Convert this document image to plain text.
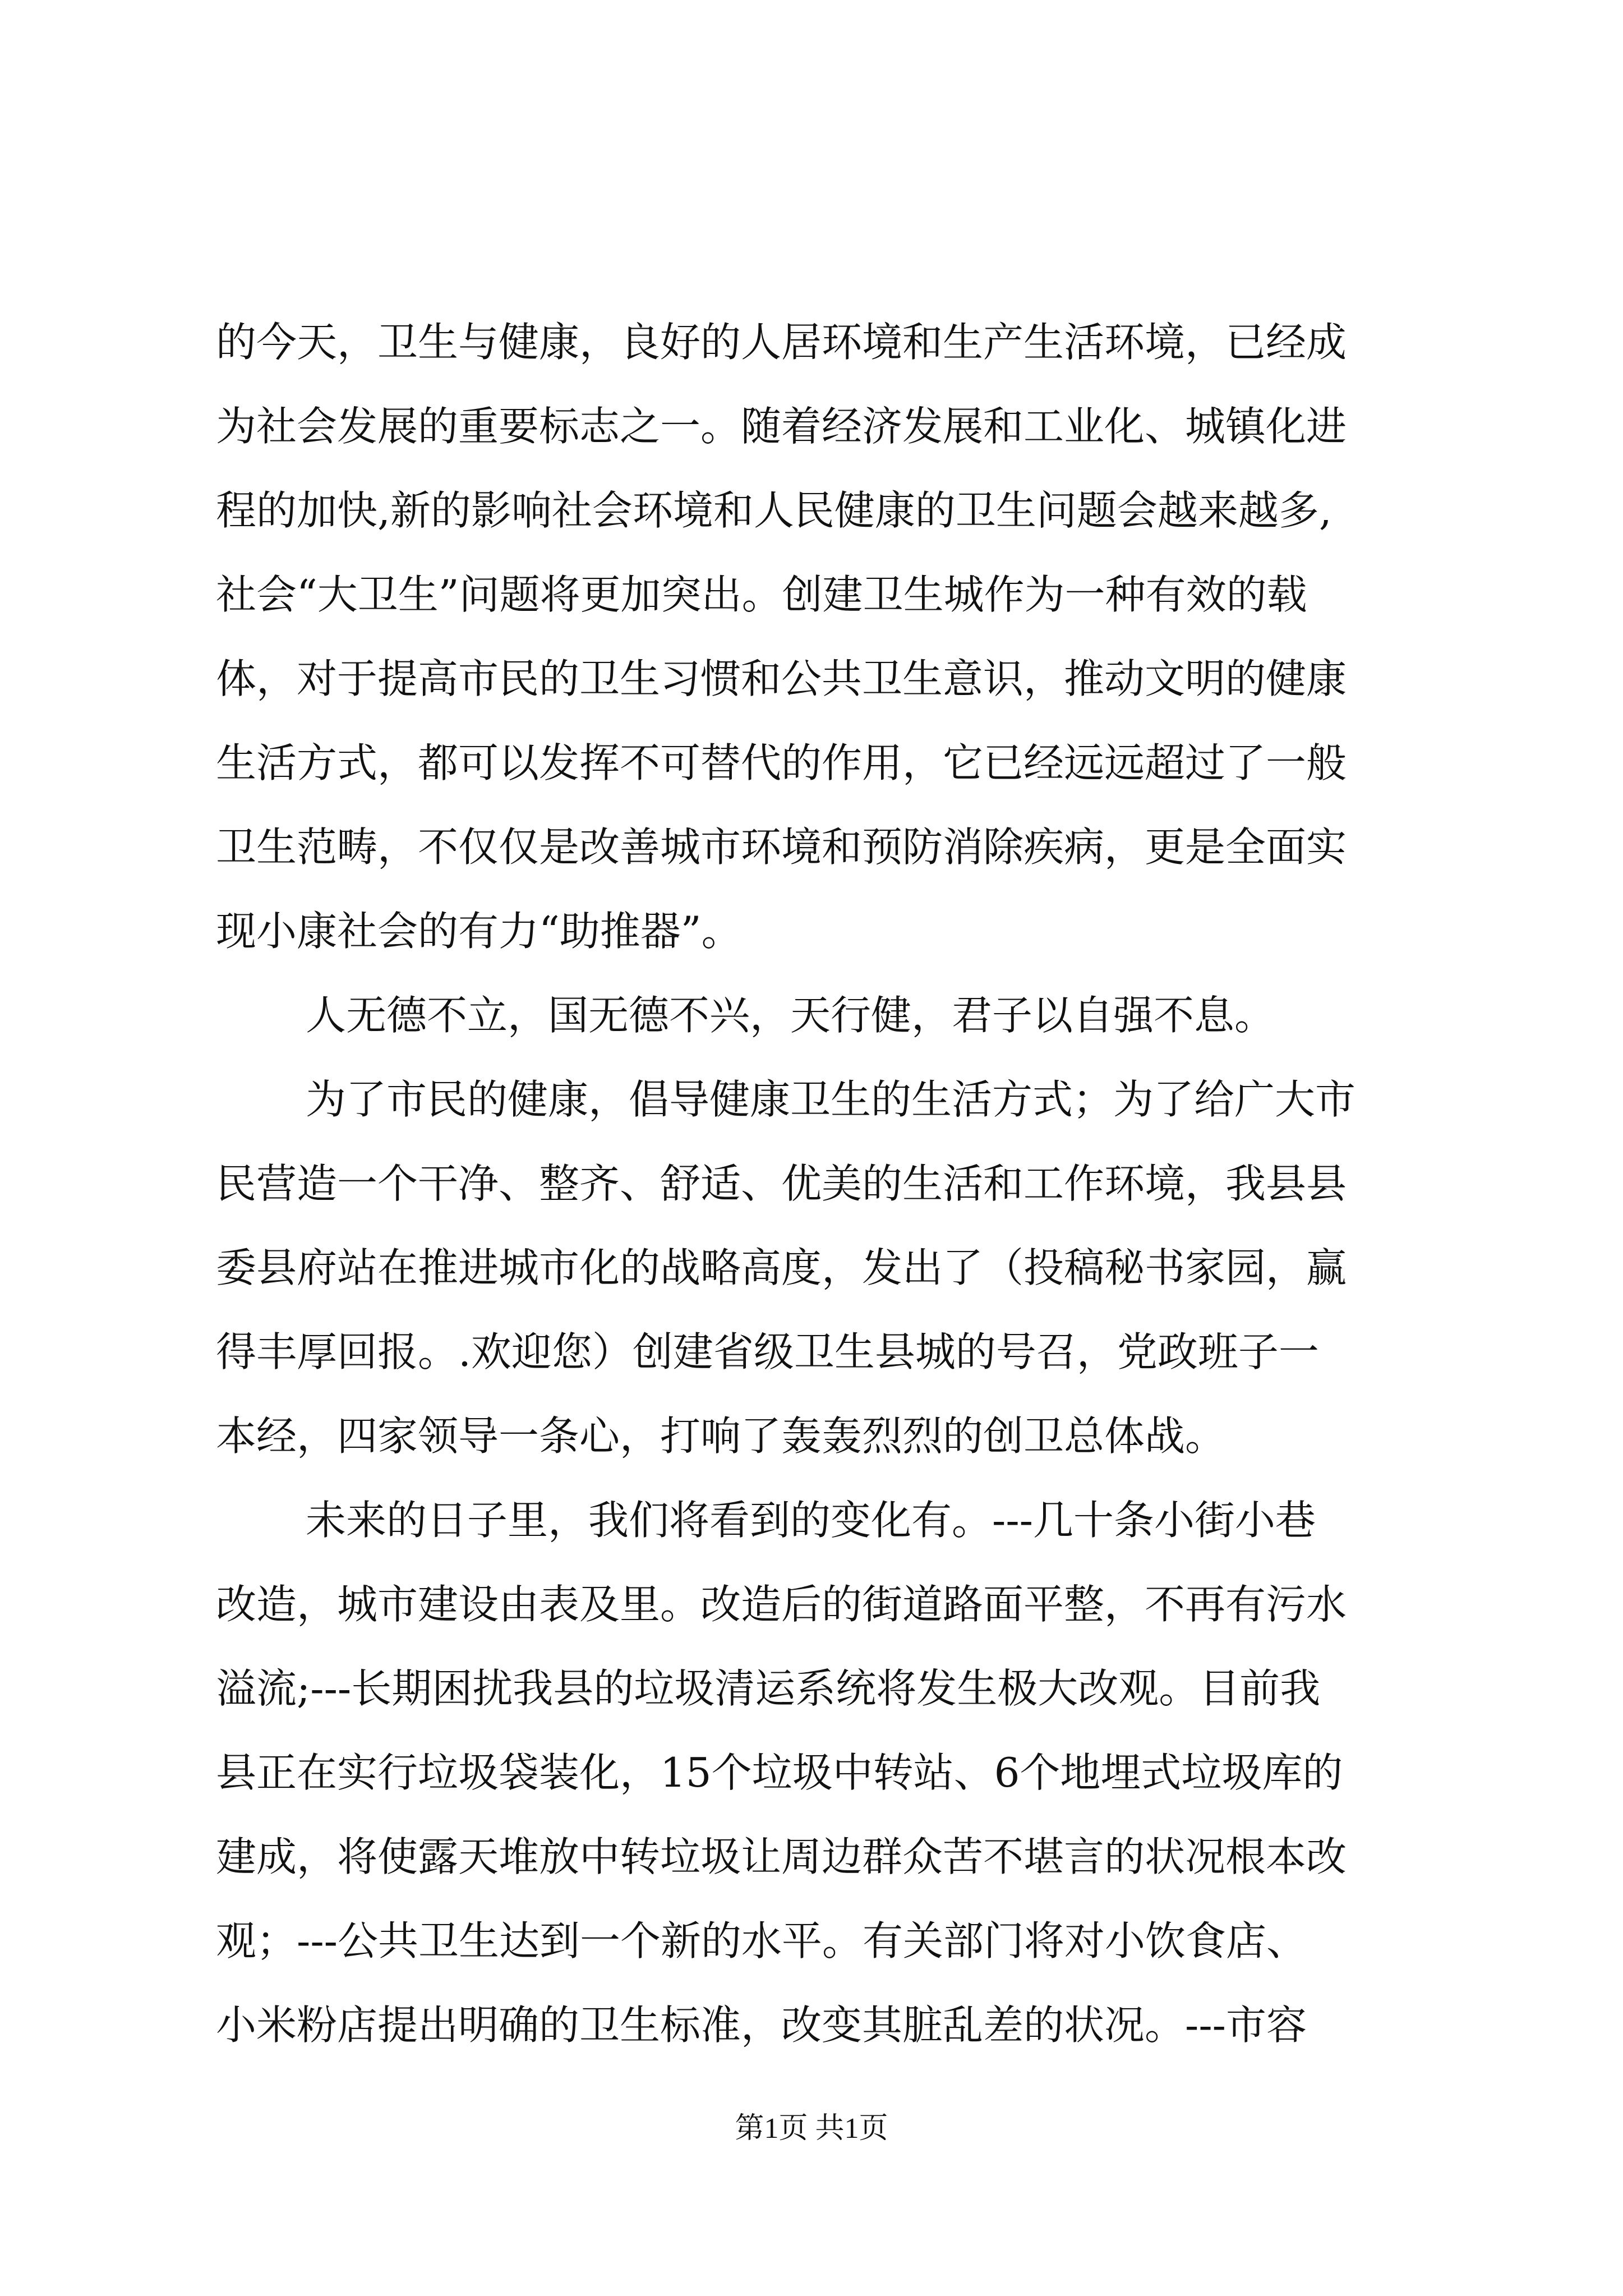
的今天，卫生与健康，良好的人居环境和生产生活环境，已经成
为社会发展的重要标志之一。随着经济发展和工业化、城镇化进
程的加快,新的影响社会环境和人民健康的卫生问题会越来越多,
社会“大卫生”问题将更加突出。创建卫生城作为一种有效的载
体，对于提高市民的卫生习惯和公共卫生意识，推动文明的健康
生活方式，都可以发挥不可替代的作用，它已经远远超过了一般
卫生范畴，不仅仅是改善城市环境和预防消除疾病，更是全面实
现小康社会的有力“助推器”。
人无德不立，国无德不兴，天行健，君子以自强不息。
为了市民的健康，倡导健康卫生的生活方式；为了给广大市
民营造一个干净、整齐、舒适、优美的生活和工作环境，我县县
委县府站在推进城市化的战略高度，发出了（投稿秘书家园，赢
得丰厚回报。.欢迎您）创建省级卫生县城的号召，党政班子一
本经，四家领导一条心，打响了轰轰烈烈的创卫总体战。
未来的日子里，我们将看到的变化有。---几十条小街小巷
改造，城市建设由表及里。改造后的街道路面平整，不再有污水
溢流;---长期困扰我县的垃圾清运系统将发生极大改观。目前我
县正在实行垃圾袋装化，15个垃圾中转站、6个地埋式垃圾库的
建成，将使露天堆放中转垃圾让周边群众苦不堪言的状况根本改
观；---公共卫生达到一个新的水平。有关部门将对小饮食店、
小米粉店提出明确的卫生标准，改变其脏乱差的状况。---市容
第1页 共1页
